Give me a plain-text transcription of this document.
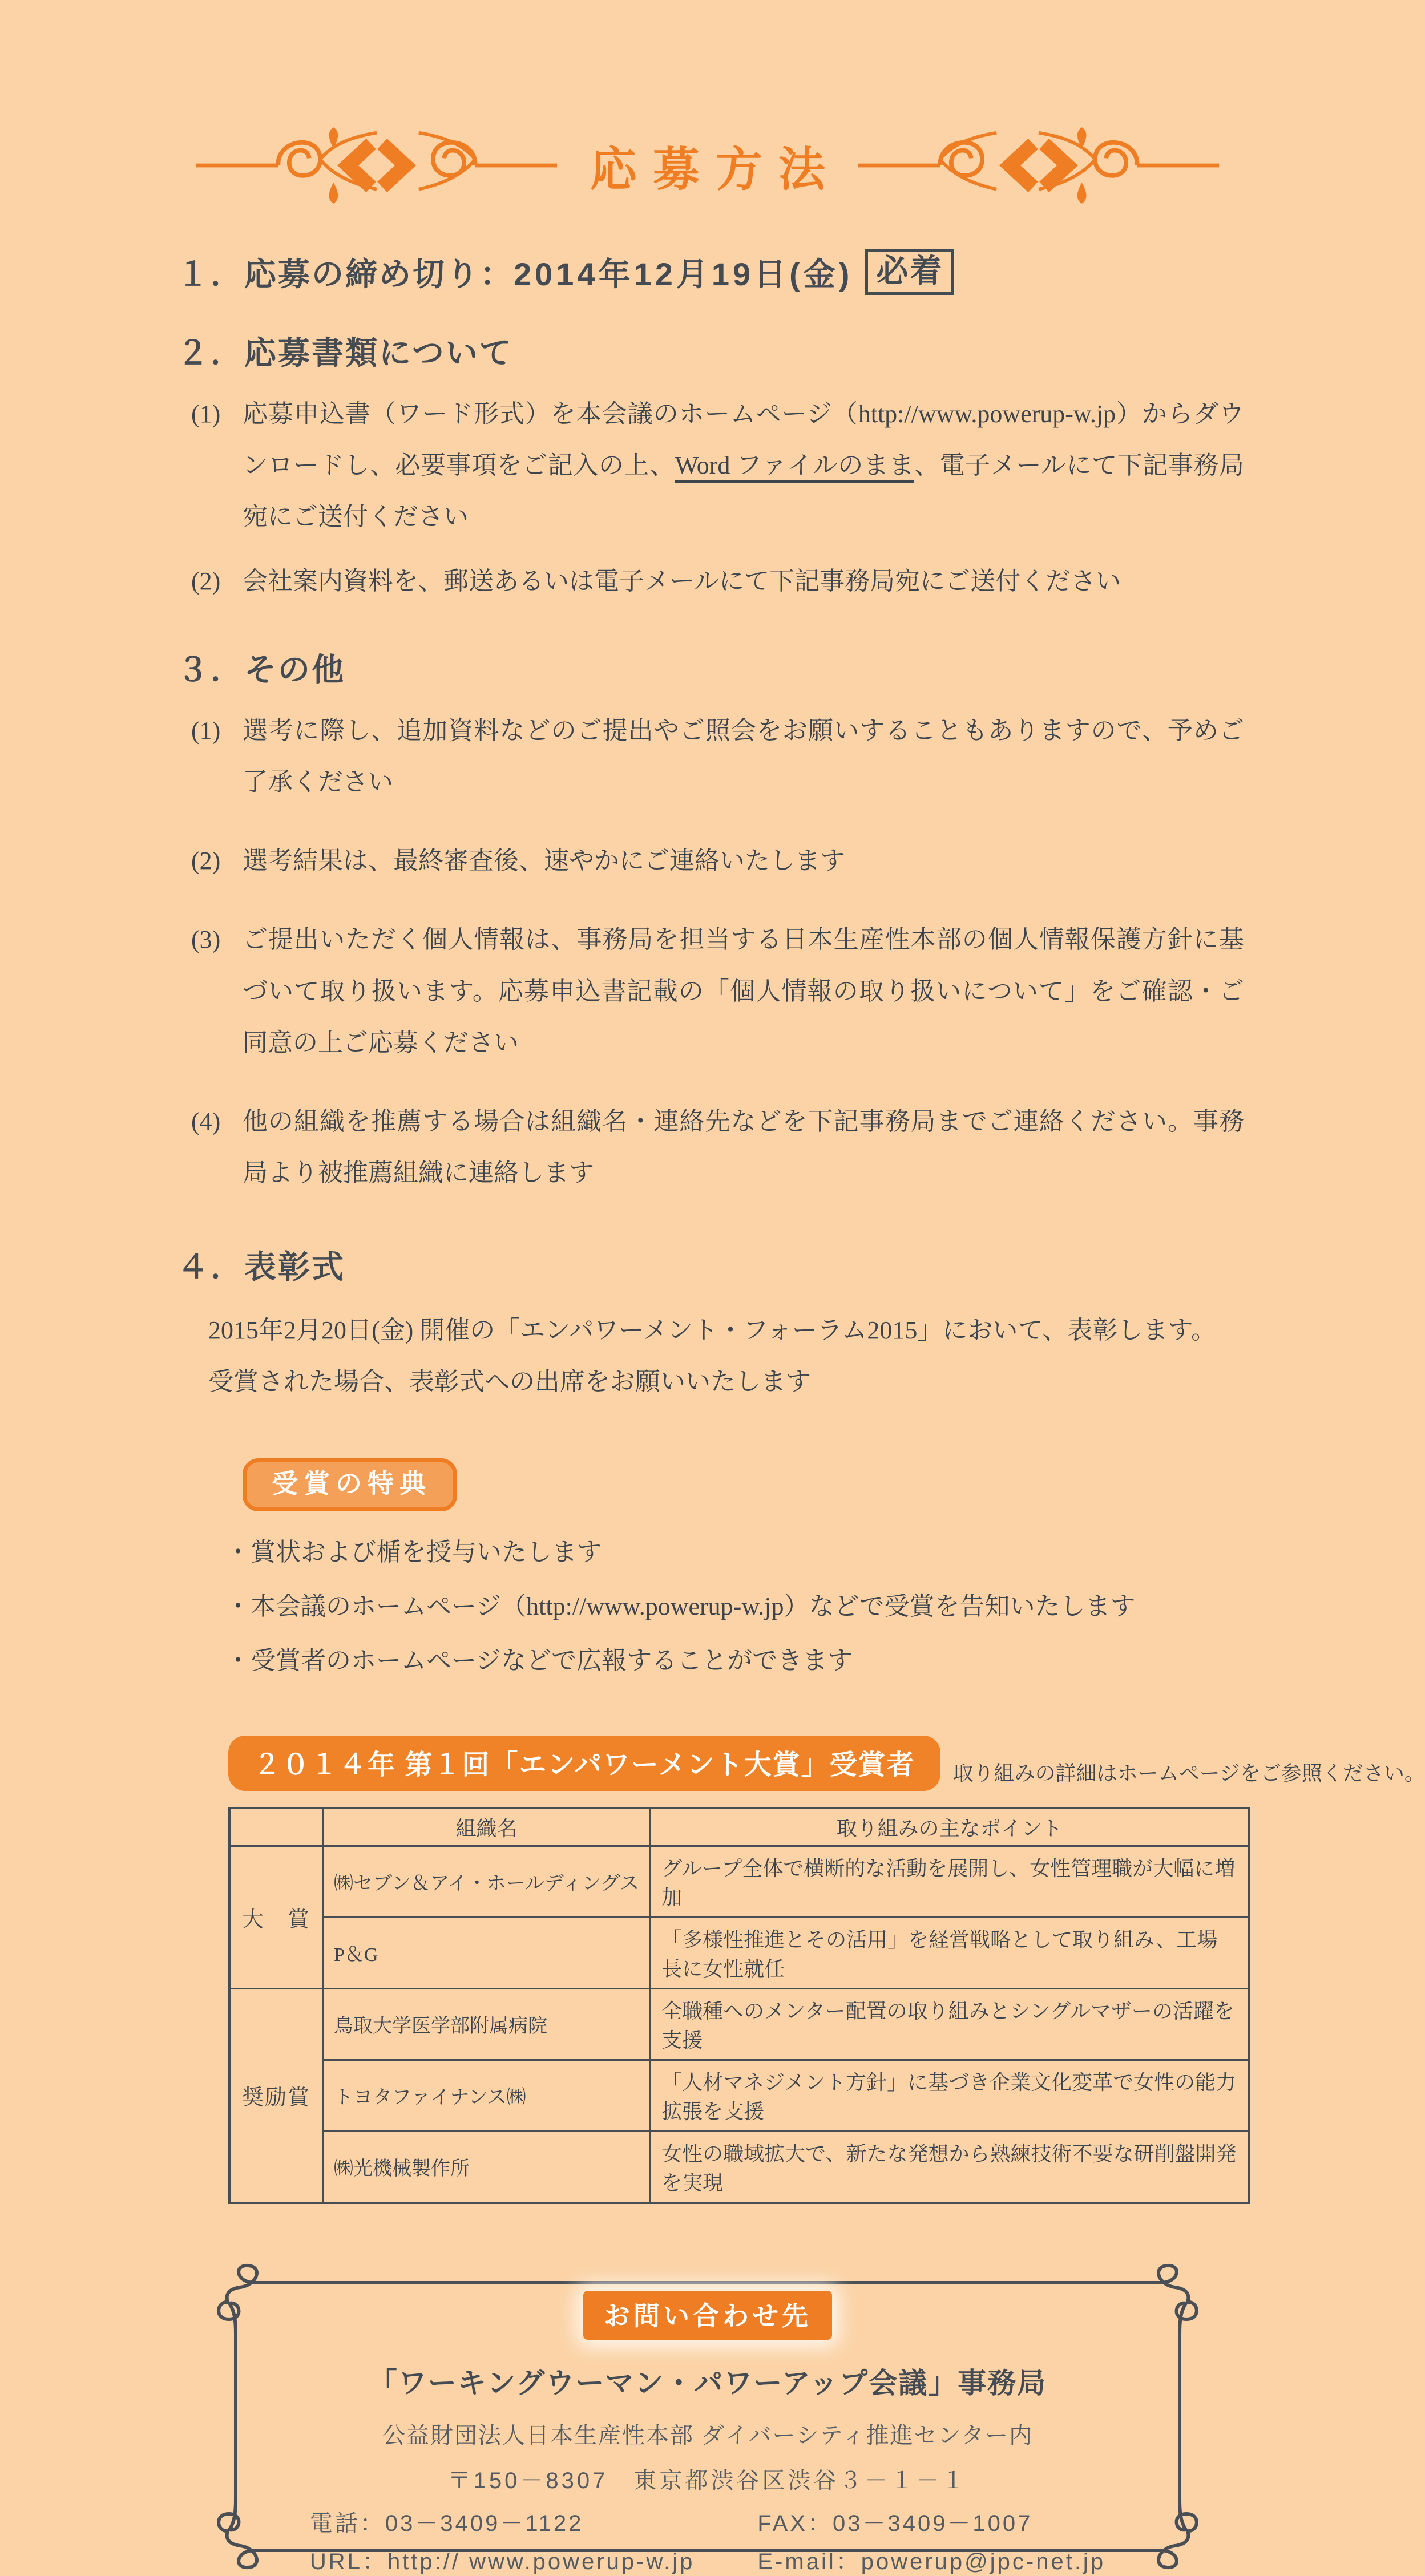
応募方法
１．応募の締め切り： 2014年12月19日(金) 必着
２．応募書類について
(1) 応募申込書（ワード形式）を本会議のホームページ（http://www.powerup-w.jp）からダウンロードし、必要事項をご記入の上、Word ファイルのまま、電子メールにて下記事務局宛にご送付ください
(2) 会社案内資料を、郵送あるいは電子メールにて下記事務局宛にご送付ください
３．その他
(1) 選考に際し、追加資料などのご提出やご照会をお願いすることもありますので、予めご了承ください
(2) 選考結果は、最終審査後、速やかにご連絡いたします
(3) ご提出いただく個人情報は、事務局を担当する日本生産性本部の個人情報保護方針に基づいて取り扱います。応募申込書記載の「個人情報の取り扱いについて」をご確認・ご同意の上ご応募ください
(4) 他の組織を推薦する場合は組織名・連絡先などを下記事務局までご連絡ください。事務局より被推薦組織に連絡します
４．表彰式
2015年2月20日(金) 開催の「エンパワーメント・フォーラム2015」において、表彰します。受賞された場合、表彰式への出席をお願いいたします
受賞の特典
・賞状および楯を授与いたします
・本会議のホームページ（http://www.powerup-w.jp）などで受賞を告知いたします
・受賞者のホームページなどで広報することができます
２０１４年 第１回「エンパワーメント大賞」受賞者	取り組みの詳細はホームページをご参照ください。
	組織名	取り組みの主なポイント
大　賞	㈱セブン＆アイ・ホールディングス	グループ全体で横断的な活動を展開し、女性管理職が大幅に増加
	P＆G	「多様性推進とその活用」を経営戦略として取り組み、工場長に女性就任
奨励賞	鳥取大学医学部附属病院	全職種へのメンター配置の取り組みとシングルマザーの活躍を支援
	トヨタファイナンス㈱	「人材マネジメント方針」に基づき企業文化変革で女性の能力拡張を支援
	㈱光機械製作所	女性の職域拡大で、新たな発想から熟練技術不要な研削盤開発を実現
お問い合わせ先
「ワーキングウーマン・パワーアップ会議」事務局
公益財団法人日本生産性本部 ダイバーシティ推進センター内
〒150－8307　東京都渋谷区渋谷３－１－１
電話：03－3409－1122	FAX：03－3409－1007
URL：http:// www.powerup-w.jp	E-mail：powerup@jpc-net.jp
